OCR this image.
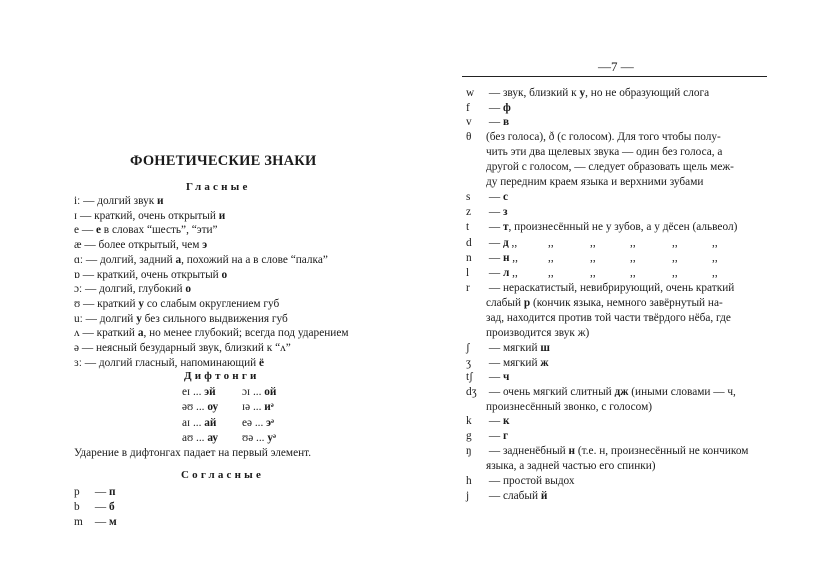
ФОНЕТИЧЕСКИЕ ЗНАКИ
Гласные
iː — долгий звук и
ɪ — краткий, очень открытый и
e — е в словах “шесть”, “эти”
æ — более открытый, чем э
ɑː — долгий, задний а, похожий на а в слове “палка”
ɒ — краткий, очень открытый о
ɔː — долгий, глубокий о
ʊ — краткий у со слабым округлением губ
uː — долгий у без сильного выдвижения губ
ʌ — краткий а, но менее глубокий; всегда под ударением
ə — неясный безударный звук, близкий к “ʌ”
ɜː — долгий гласный, напоминающий ё
Дифтонги
eɪ ... эй ɔɪ ... ой
əʊ ... оу ɪə ... иᵊ
aɪ ... ай eə ... эᵊ
aʊ ... ау ʊə ... уᵊ
Ударение в дифтонгах падает на первый элемент.
Согласные
p — п
b — б
m — м
—7 —
w — звук, близкий к у, но не образующий слога
f — ф
v — в
θ (без голоса), ð (с голосом). Для того чтобы полу-
чить эти два щелевых звука — один без голоса, а
другой с голосом, — следует образовать щель меж-
ду передним краем языка и верхними зубами
s — с
z — з
t — т, произнесённый не у зубов, а у дёсен (альвеол)
d — д ,,	,,	,,	,,	,,	,,
n — н ,,	,,	,,	,,	,,	,,
l — л ,,	,,	,,	,,	,,	,,
r — нераскатистый, невибрирующий, очень краткий
слабый р (кончик языка, немного завёрнутый на-
зад, находится против той части твёрдого нёба, где
производится звук ж)
ʃ — мягкий ш
ʒ — мягкий ж
tʃ — ч
dʒ — очень мягкий слитный дж (иными словами — ч,
произнесённый звонко, с голосом)
k — к
g — г
ŋ — задненёбный н (т.е. н, произнесённый не кончиком
языка, а задней частью его спинки)
h — простой выдох
j — слабый й
